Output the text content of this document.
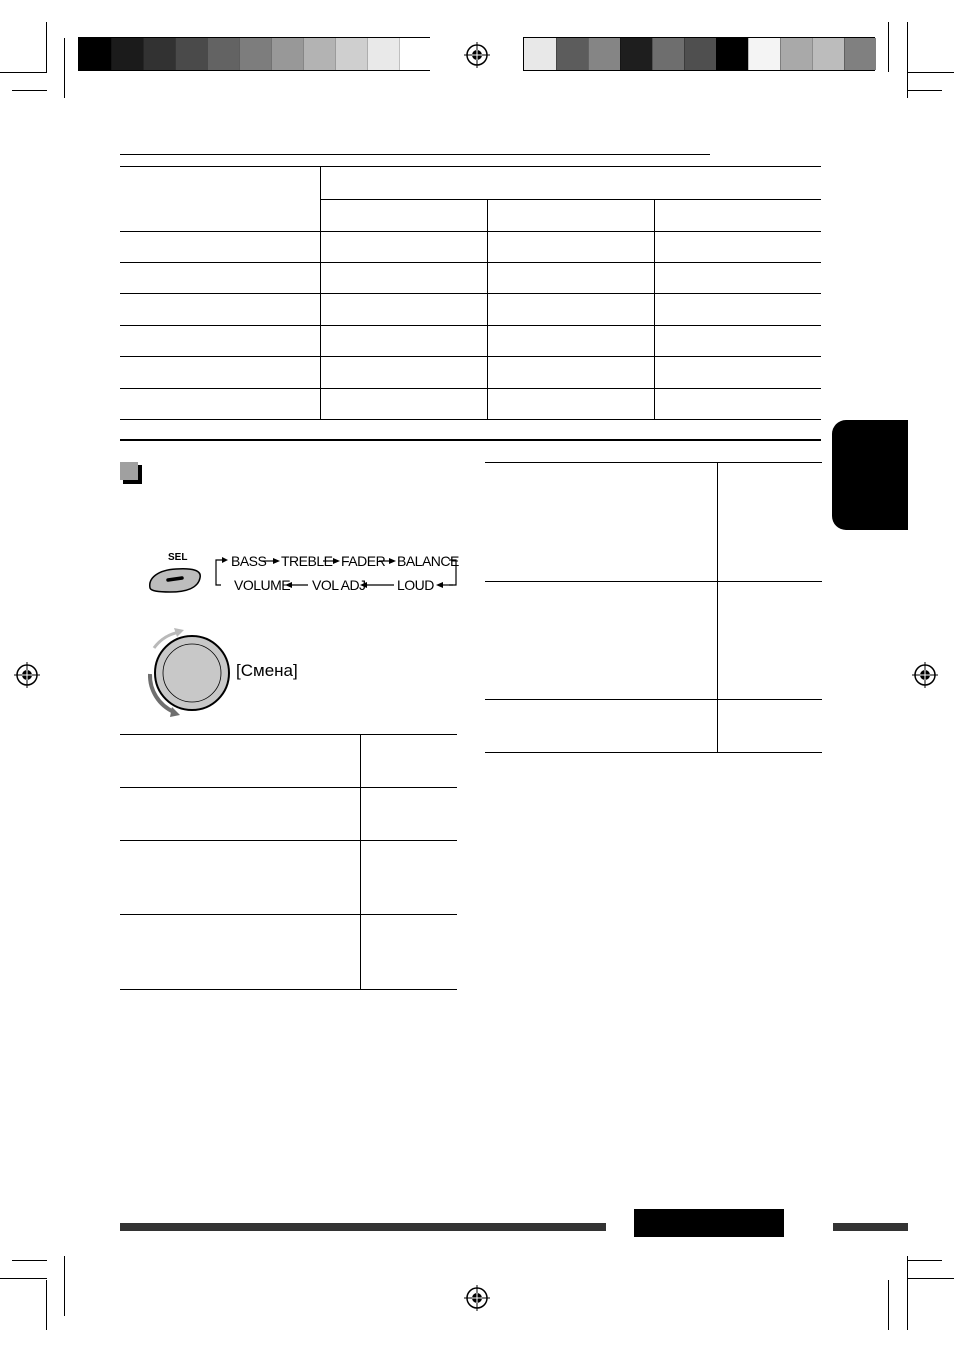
SEL	BASS TREBLE FADER BALANCE
VOLUME VOL ADJ LOUD
[Смена]
